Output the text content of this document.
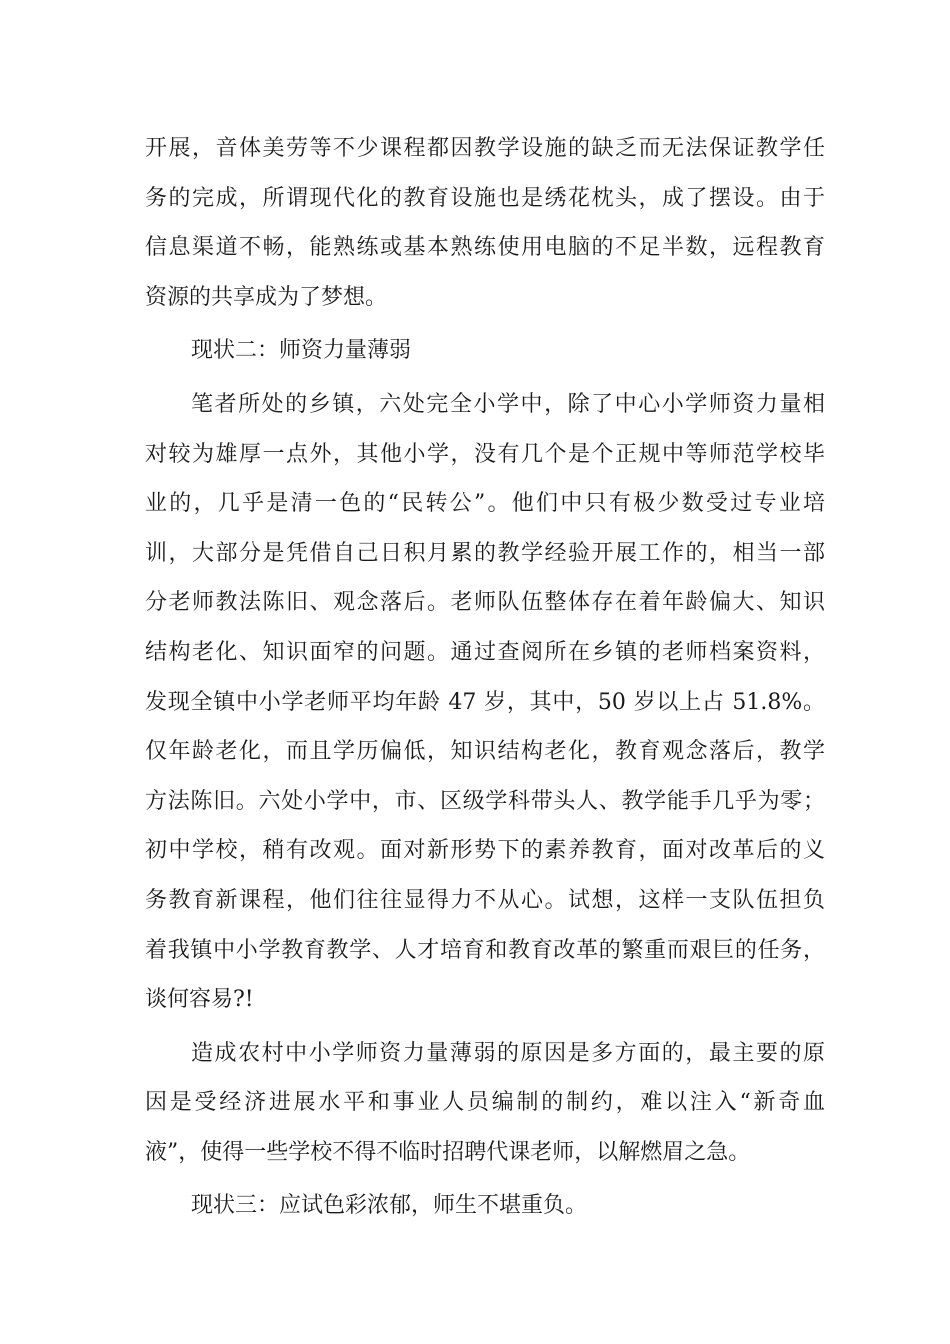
开展，音体美劳等不少课程都因教学设施的缺乏而无法保证教学任
务的完成，所谓现代化的教育设施也是绣花枕头，成了摆设。由于
信息渠道不畅，能熟练或基本熟练使用电脑的不足半数，远程教育
资源的共享成为了梦想。
现状二：师资力量薄弱
笔者所处的乡镇，六处完全小学中，除了中心小学师资力量相
对较为雄厚一点外，其他小学，没有几个是个正规中等师范学校毕
业的，几乎是清一色的“民转公”。他们中只有极少数受过专业培
训，大部分是凭借自己日积月累的教学经验开展工作的，相当一部
分老师教法陈旧、观念落后。老师队伍整体存在着年龄偏大、知识
结构老化、知识面窄的问题。通过查阅所在乡镇的老师档案资料，
发现全镇中小学老师平均年龄 47 岁，其中，50 岁以上占 51.8%。
仅年龄老化，而且学历偏低，知识结构老化，教育观念落后，教学
方法陈旧。六处小学中，市、区级学科带头人、教学能手几乎为零；
初中学校，稍有改观。面对新形势下的素养教育，面对改革后的义
务教育新课程，他们往往显得力不从心。试想，这样一支队伍担负
着我镇中小学教育教学、人才培育和教育改革的繁重而艰巨的任务，
谈何容易?!
造成农村中小学师资力量薄弱的原因是多方面的，最主要的原
因是受经济进展水平和事业人员编制的制约，难以注入“新奇血
液”，使得一些学校不得不临时招聘代课老师，以解燃眉之急。
现状三：应试色彩浓郁，师生不堪重负。
